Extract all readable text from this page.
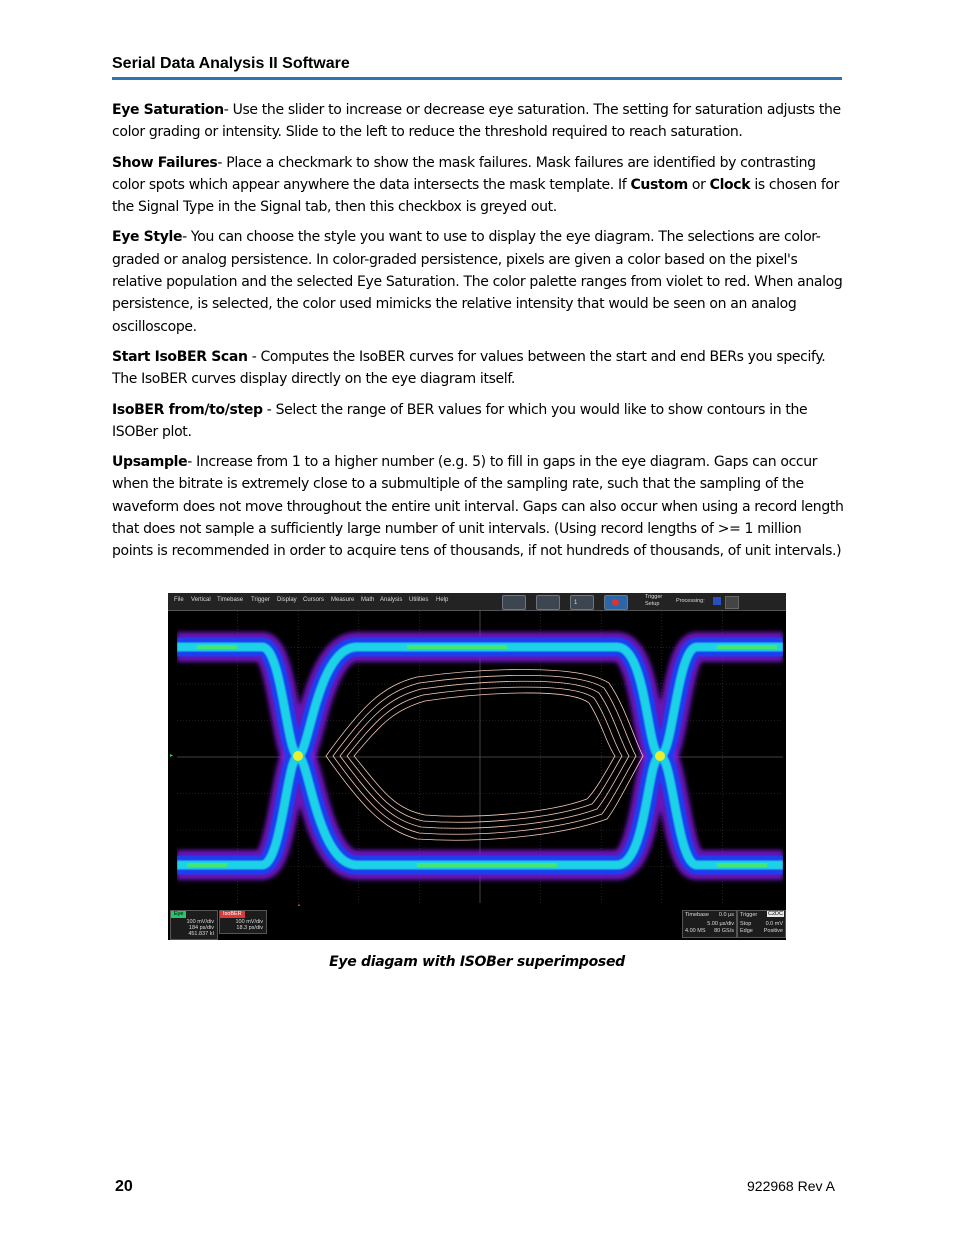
Serial Data Analysis II Software

Eye Saturation- Use the slider to increase or decrease eye saturation. The setting for saturation adjusts the color grading or intensity. Slide to the left to reduce the threshold required to reach saturation.

Show Failures- Place a checkmark to show the mask failures. Mask failures are identified by contrasting color spots which appear anywhere the data intersects the mask template. If Custom or Clock is chosen for the Signal Type in the Signal tab, then this checkbox is greyed out.

Eye Style- You can choose the style you want to use to display the eye diagram. The selections are color-graded or analog persistence. In color-graded persistence, pixels are given a color based on the pixel's relative population and the selected Eye Saturation. The color palette ranges from violet to red. When analog persistence, is selected, the color used mimicks the relative intensity that would be seen on an analog oscilloscope.

Start IsoBER Scan - Computes the IsoBER curves for values between the start and end BERs you specify. The IsoBER curves display directly on the eye diagram itself.

IsoBER from/to/step - Select the range of BER values for which you would like to show contours in the ISOBer plot.

Upsample- Increase from 1 to a higher number (e.g. 5) to fill in gaps in the eye diagram. Gaps can occur when the bitrate is extremely close to a submultiple of the sampling rate, such that the sampling of the waveform does not move throughout the entire unit interval. Gaps can also occur when using a record length that does not sample a sufficiently large number of unit intervals. (Using record lengths of >= 1 million points is recommended in order to acquire tens of thousands, if not hundreds of thousands, of unit intervals.)

File Vertical Timebase Trigger Display Cursors Measure Math Analysis Utilities Help	1
Trigger
Setup	Processing:
▸
Eye
100 mV/div
184 ps/div
451.837 kI
IsoBER
100 mV/div
18.3 ps/div
Timebase 0.0 μs
5.00 μs/div
4.00 MS 80 GS/s
Trigger C2DC
Stop	0.0 mV
Edge Positive
Eye diagam with ISOBer superimposed
20	922968 Rev A
